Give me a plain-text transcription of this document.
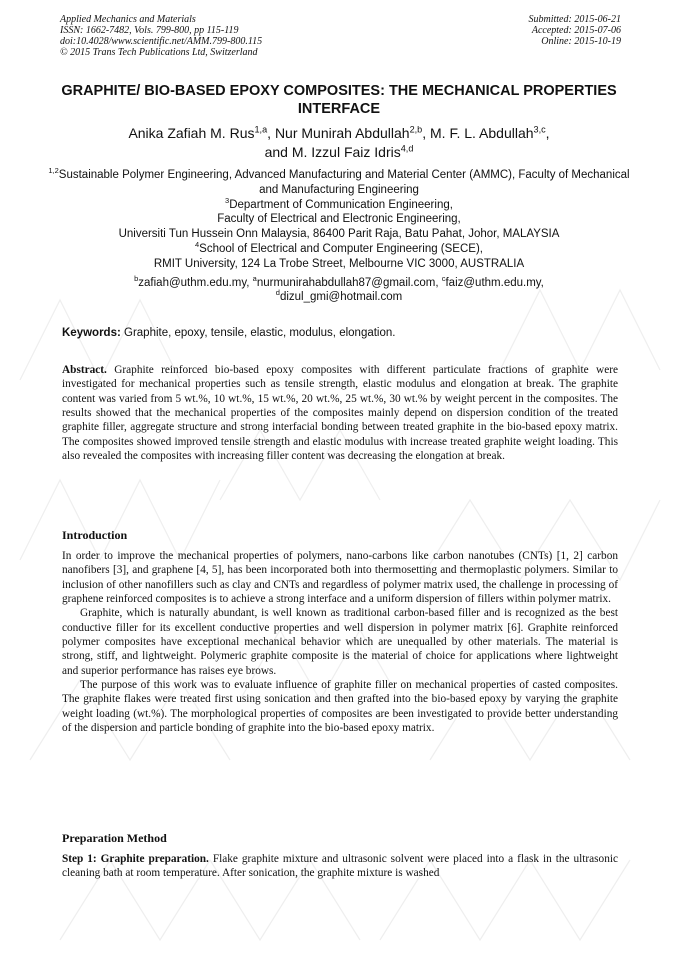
Applied Mechanics and Materials
ISSN: 1662-7482, Vols. 799-800, pp 115-119
doi:10.4028/www.scientific.net/AMM.799-800.115
© 2015 Trans Tech Publications Ltd, Switzerland
Submitted: 2015-06-21
Accepted: 2015-07-06
Online: 2015-10-19
GRAPHITE/ BIO-BASED EPOXY COMPOSITES: THE MECHANICAL PROPERTIES INTERFACE
Anika Zafiah M. Rus$^{1,a}$, Nur Munirah Abdullah$^{2,b}$, M. F. L. Abdullah$^{3,c}$,
and M. Izzul Faiz Idris$^{4,d}$
$^{1,2}$Sustainable Polymer Engineering, Advanced Manufacturing and Material Center (AMMC), Faculty of Mechanical and Manufacturing Engineering
$^3$Department of Communication Engineering,
Faculty of Electrical and Electronic Engineering,
Universiti Tun Hussein Onn Malaysia, 86400 Parit Raja, Batu Pahat, Johor, MALAYSIA
$^4$School of Electrical and Computer Engineering (SECE),
RMIT University, 124 La Trobe Street, Melbourne VIC 3000, AUSTRALIA
$^b$zafiah@uthm.edu.my, $^a$nurmunirahabdullah87@gmail.com, $^c$faiz@uthm.edu.my,
$^d$dizul_gmi@hotmail.com
Keywords: Graphite, epoxy, tensile, elastic, modulus, elongation.
Abstract. Graphite reinforced bio-based epoxy composites with different particulate fractions of graphite were investigated for mechanical properties such as tensile strength, elastic modulus and elongation at break. The graphite content was varied from 5 wt.%, 10 wt.%, 15 wt.%, 20 wt.%, 25 wt.%, 30 wt.% by weight percent in the composites. The results showed that the mechanical properties of the composites mainly depend on dispersion condition of the treated graphite filler, aggregate structure and strong interfacial bonding between treated graphite in the bio-based epoxy matrix. The composites showed improved tensile strength and elastic modulus with increase treated graphite weight loading. This also revealed the composites with increasing filler content was decreasing the elongation at break.
Introduction

In order to improve the mechanical properties of polymers, nano-carbons like carbon nanotubes (CNTs) [1, 2] carbon nanofibers [3], and graphene [4, 5], has been incorporated both into thermosetting and thermoplastic polymers. Similar to inclusion of other nanofillers such as clay and CNTs and regardless of polymer matrix used, the challenge in processing of graphene reinforced composites is to achieve a strong interface and a uniform dispersion of fillers within polymer matrix.

Graphite, which is naturally abundant, is well known as traditional carbon-based filler and is recognized as the best conductive filler for its excellent conductive properties and well dispersion in polymer matrix [6]. Graphite reinforced polymer composites have exceptional mechanical behavior which are unequalled by other materials. The material is strong, stiff, and lightweight. Polymeric graphite composite is the material of choice for applications where lightweight and superior performance has raises eye brows.

The purpose of this work was to evaluate influence of graphite filler on mechanical properties of casted composites. The graphite flakes were treated first using sonication and then grafted into the bio-based epoxy by varying the graphite weight loading (wt.%). The morphological properties of composites are been investigated to provide better understanding of the dispersion and particle bonding of graphite into the bio-based epoxy matrix.

Preparation Method
Step 1: Graphite preparation. Flake graphite mixture and ultrasonic solvent were placed into a flask in the ultrasonic cleaning bath at room temperature. After sonication, the graphite mixture is washed
